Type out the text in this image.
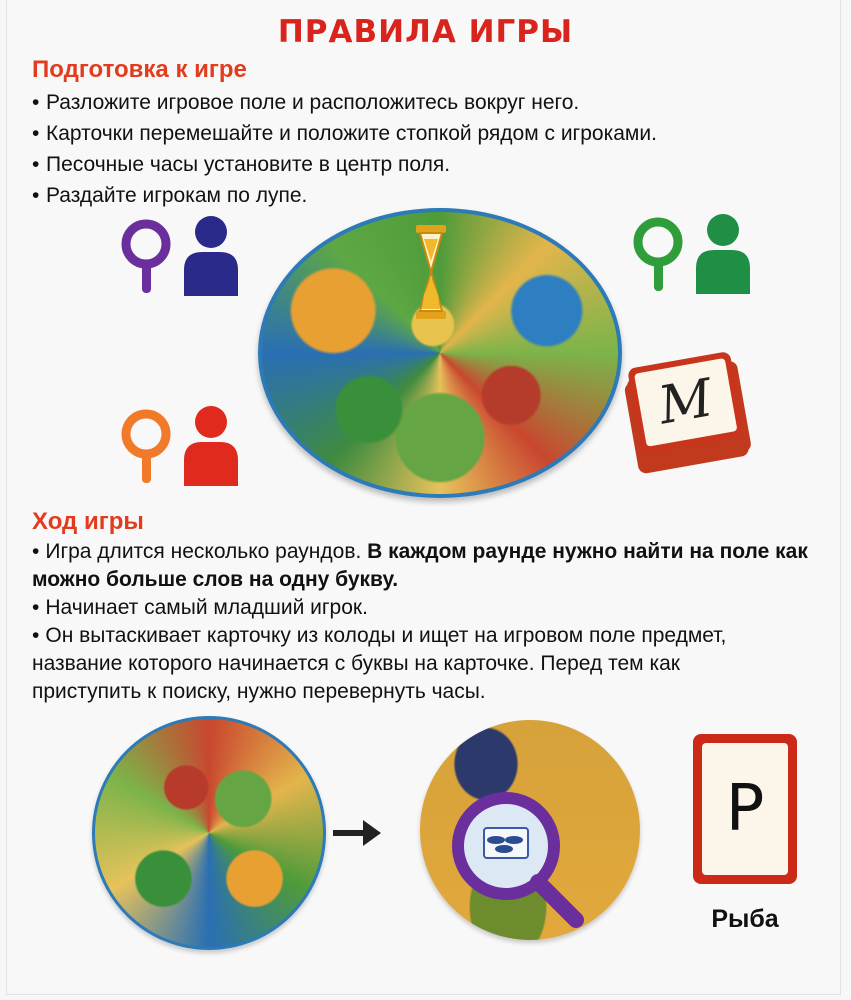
ПРАВИЛА ИГРЫ
Подготовка к игре
• Разложите игровое поле и расположитесь вокруг него.
• Карточки перемешайте и положите стопкой рядом с игроками.
• Песочные часы установите в центр поля.
• Раздайте игрокам по лупе.
М
Ход игры
• Игра длится несколько раундов. В каждом раунде нужно найти на поле как можно больше слов на одну букву.
• Начинает самый младший игрок.
• Он вытаскивает карточку из колоды и ищет на игровом поле предмет, название которого начинается с буквы на карточке. Перед тем как приступить к поиску, нужно перевернуть часы.
Р
Рыба
